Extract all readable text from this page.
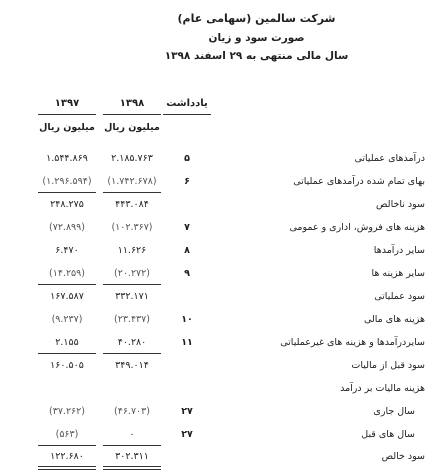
شرکت سالمین (سهامی عام)
صورت سود و زیان
سال مالی منتهی به ۲۹ اسفند ۱۳۹۸
یادداشت
۱۳۹۸
۱۳۹۷
میلیون ریال
میلیون ریال
درآمدهای عملیاتی
۵
۲.۱۸۵.۷۶۳
۱.۵۴۴.۸۶۹
بهای تمام شده درآمدهای عملیاتی
۶
(۱.۷۴۲.۶۷۸)
(۱.۲۹۶.۵۹۴)
سود ناخالص
۴۴۳.۰۸۴
۲۴۸.۲۷۵
هزینه های فروش، اداری و عمومی
۷
(۱۰۲.۳۶۷)
(۷۲.۸۹۹)
سایر درآمدها
۸
۱۱.۶۲۶
۶.۴۷۰
سایر هزینه ها
۹
(۲۰.۲۷۲)
(۱۴.۲۵۹)
سود عملیاتی
۳۳۲.۱۷۱
۱۶۷.۵۸۷
هزینه های مالی
۱۰
(۲۳.۴۳۷)
(۹.۲۳۷)
سایردرآمدها و هزینه های غیرعملیاتی
۱۱
۴۰.۲۸۰
۲.۱۵۵
سود قبل از مالیات
۳۴۹.۰۱۴
۱۶۰.۵۰۵
هزینه مالیات بر درآمد
سال جاری
۲۷
(۴۶.۷۰۳)
(۳۷.۲۶۲)
سال های قبل
۲۷
۰
(۵۶۳)
سود خالص
۳۰۲.۳۱۱
۱۲۲.۶۸۰
